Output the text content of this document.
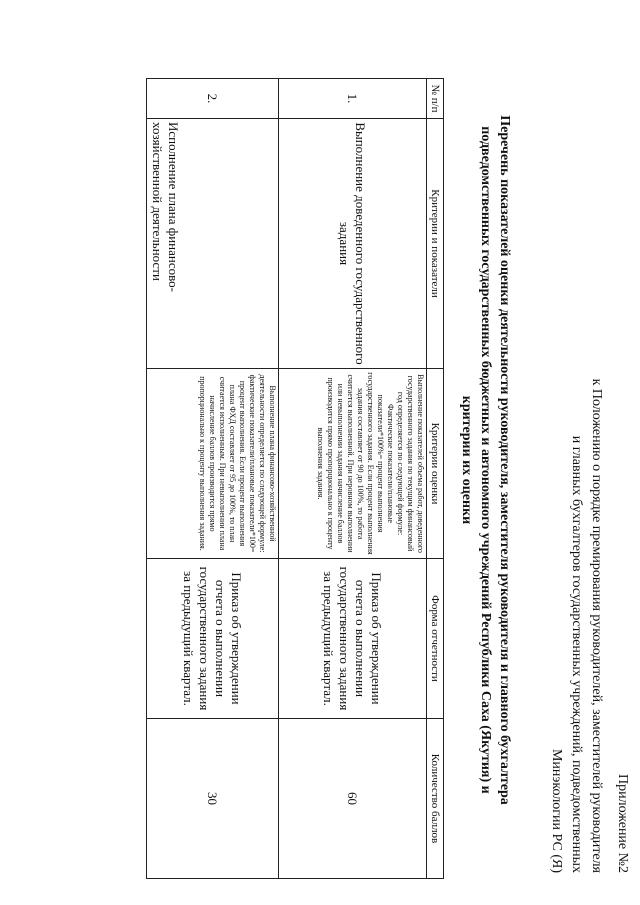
Приложение №2
к Положению о порядке премирования руководителей, заместителей руководителя
и главных бухгалтеров государственных учреждений, подведомственных
Минэкологии РС (Я)
Перечень показателей оценки деятельности руководителя, заместителя руководителя и главного бухгалтера
подведомственных государственных бюджетных и автономного учреждений Республики Саха (Якутия) и
критерии их оценки
№ п/п	Критерии и показатели	Критерии оценки	Форма отчетности	Количество баллов
1.	Выполнение доведенного государственного задания	Выполнение показателей объема работ, доведенного государственного задания по текущим финансовый год определяется по следующей формуле: Фактические показатели/плановые показатели*100%= процент выполнения государственного задания. Если процент выполнения задания составляет от 90 до 100%, то работа считается выполненной. При неровном выполнении или невыполнении задания начисление баллов производится прямо пропорционально к проценту выполнения задания.	Приказ об утверждении отчета о выполнении государственного задания за предыдущий квартал.	60
2.	Исполнение плана финансово-хозяйственной деятельности	Выполнение плана финансово-хозяйственной деятельности определяется по следующей формуле: фактические показатели/плановые показатели*100= процент выполнения. Если процент выполнения плана ФХД составляет от 95 до 100%, то план считается исполненным. При невыполнении плана начисление баллов производится прямо пропорционально к проценту выполнения задания.	Приказ об утверждении отчета о выполнении государственного задания за предыдущий квартал.	30
